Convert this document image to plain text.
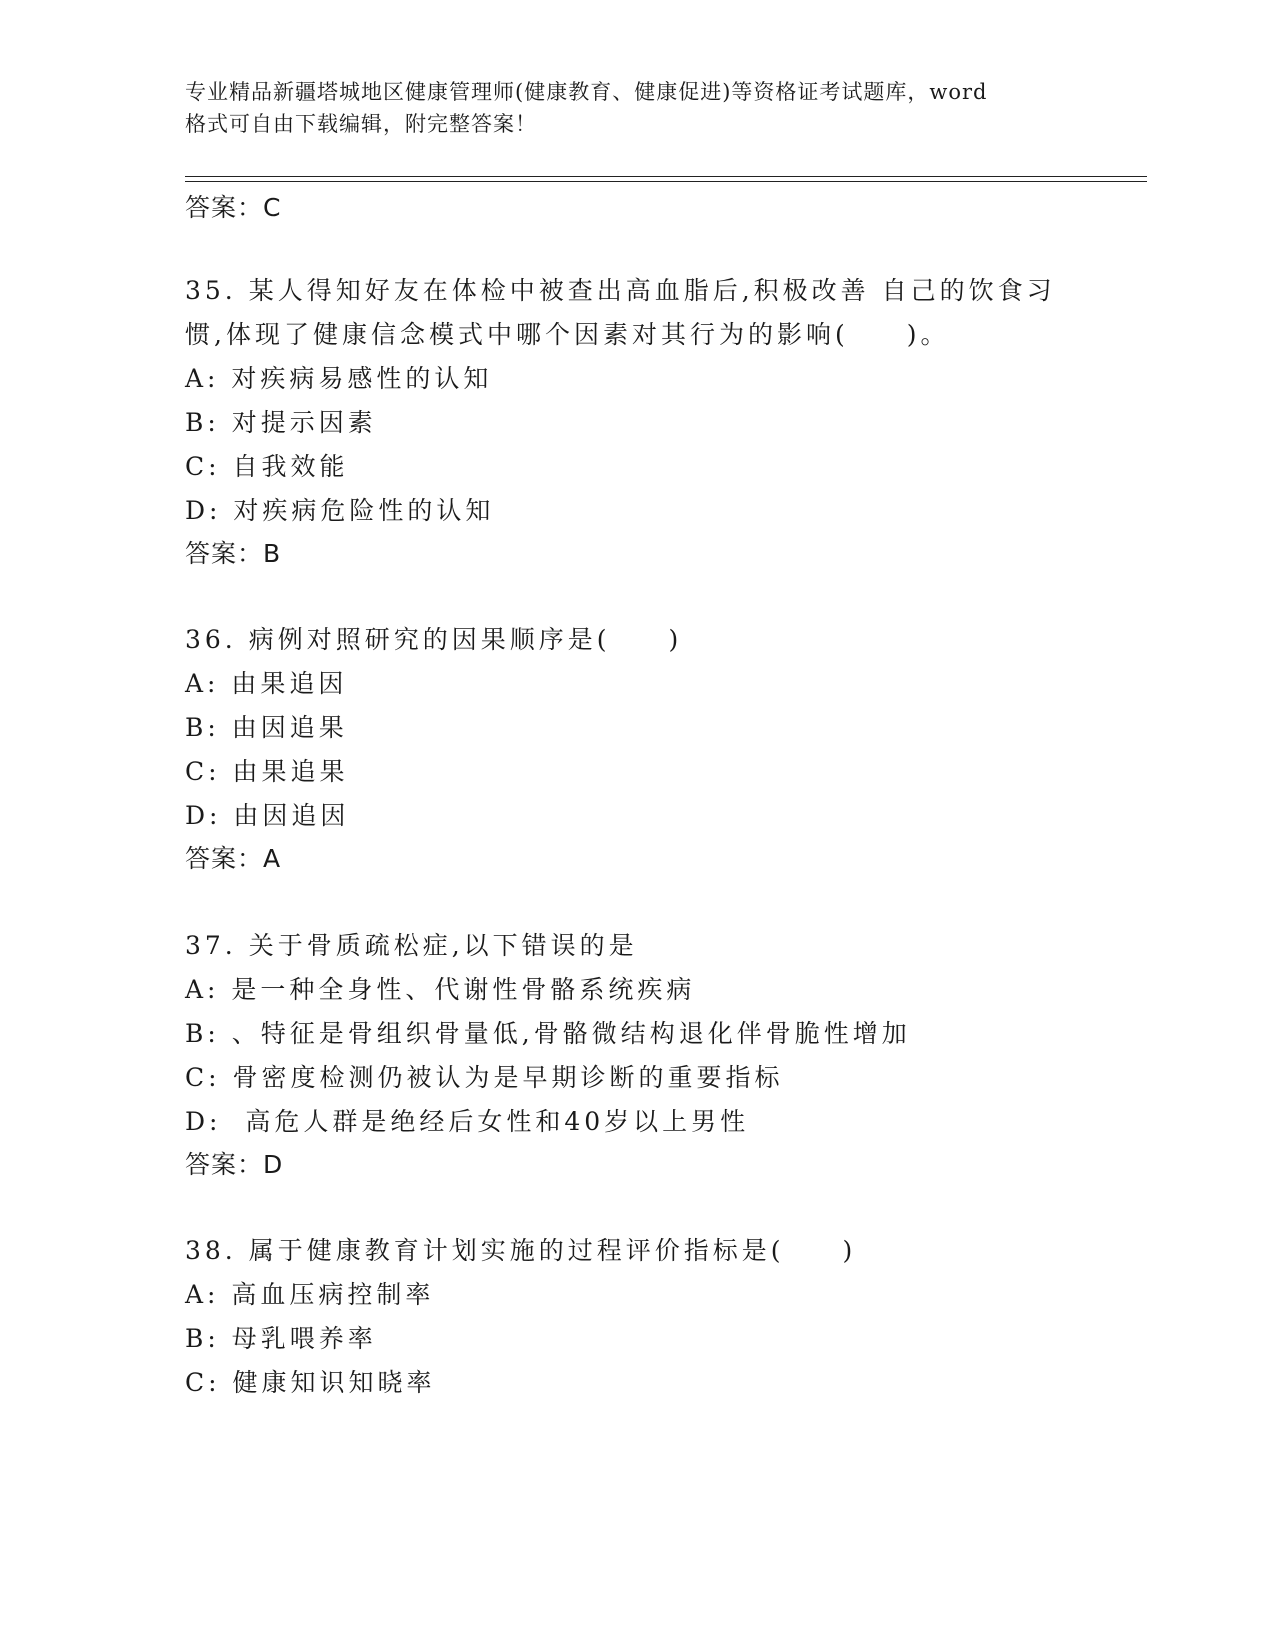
专业精品新疆塔城地区健康管理师(健康教育、健康促进)等资格证考试题库，word
格式可自由下载编辑，附完整答案！
答案：C
35. 某人得知好友在体检中被查出高血脂后,积极改善 自己的饮食习
惯,体现了健康信念模式中哪个因素对其行为的影响(　　)。
A: 对疾病易感性的认知
B: 对提示因素
C: 自我效能
D: 对疾病危险性的认知
答案：B
36. 病例对照研究的因果顺序是(　　)
A: 由果追因
B: 由因追果
C: 由果追果
D: 由因追因
答案：A
37. 关于骨质疏松症,以下错误的是
A: 是一种全身性、代谢性骨骼系统疾病
B: 、特征是骨组织骨量低,骨骼微结构退化伴骨脆性增加
C: 骨密度检测仍被认为是早期诊断的重要指标
D:  高危人群是绝经后女性和40岁以上男性
答案：D
38. 属于健康教育计划实施的过程评价指标是(　　)
A: 高血压病控制率
B: 母乳喂养率
C: 健康知识知晓率
